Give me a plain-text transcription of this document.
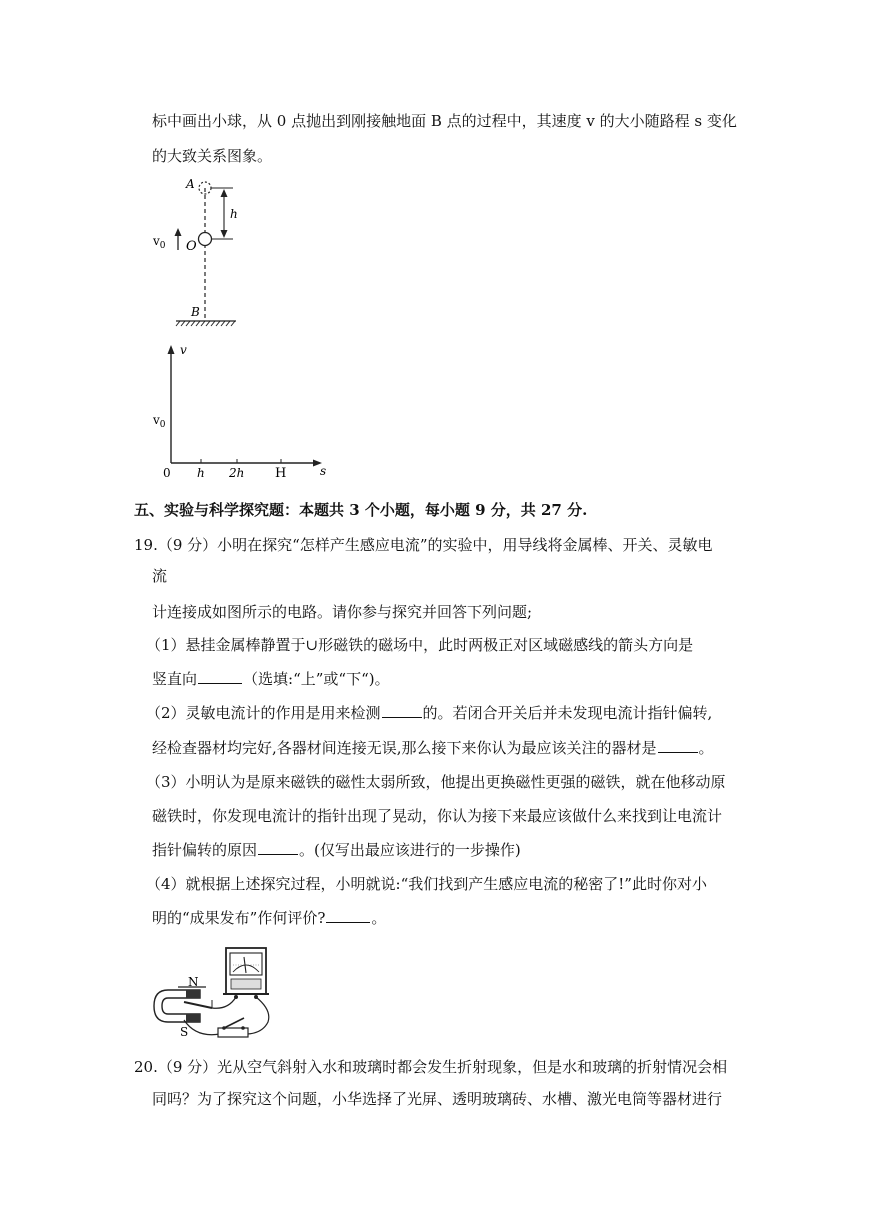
标中画出小球，从 0 点抛出到刚接触地面 B 点的过程中，其速度 v 的大小随路程 s 变化
的大致关系图象。
A
h
$v_0$ O
B
v
$v_0$
0 h 2h H	s
五、实验与科学探究题：本题共 3 个小题，每小题 9 分，共 27 分.
19.（9 分）小明在探究“怎样产生感应电流”的实验中，用导线将金属棒、开关、灵敏电
流
计连接成如图所示的电路。请你参与探究并回答下列问题;
（1）悬挂金属棒静置于∪形磁铁的磁场中，此时两极正对区域磁感线的箭头方向是
竖直向	（选填:“上”或“下“)。
（2）灵敏电流计的作用是用来检测	的。若闭合开关后并未发现电流计指针偏转,
经检查器材均完好,各器材间连接无误,那么接下来你认为最应该关注的器材是	。
（3）小明认为是原来磁铁的磁性太弱所致，他提出更换磁性更强的磁铁，就在他移动原
磁铁时，你发现电流计的指针出现了晃动，你认为接下来最应该做什么来找到让电流计
指针偏转的原因	。(仅写出最应该进行的一步操作)
（4）就根据上述探究过程，小明就说:“我们找到产生感应电流的秘密了!”此时你对小
明的“成果发布”作何评价?	。
N
S
20.（9 分）光从空气斜射入水和玻璃时都会发生折射现象，但是水和玻璃的折射情况会相
同吗？为了探究这个问题，小华选择了光屏、透明玻璃砖、水槽、激光电筒等器材进行
